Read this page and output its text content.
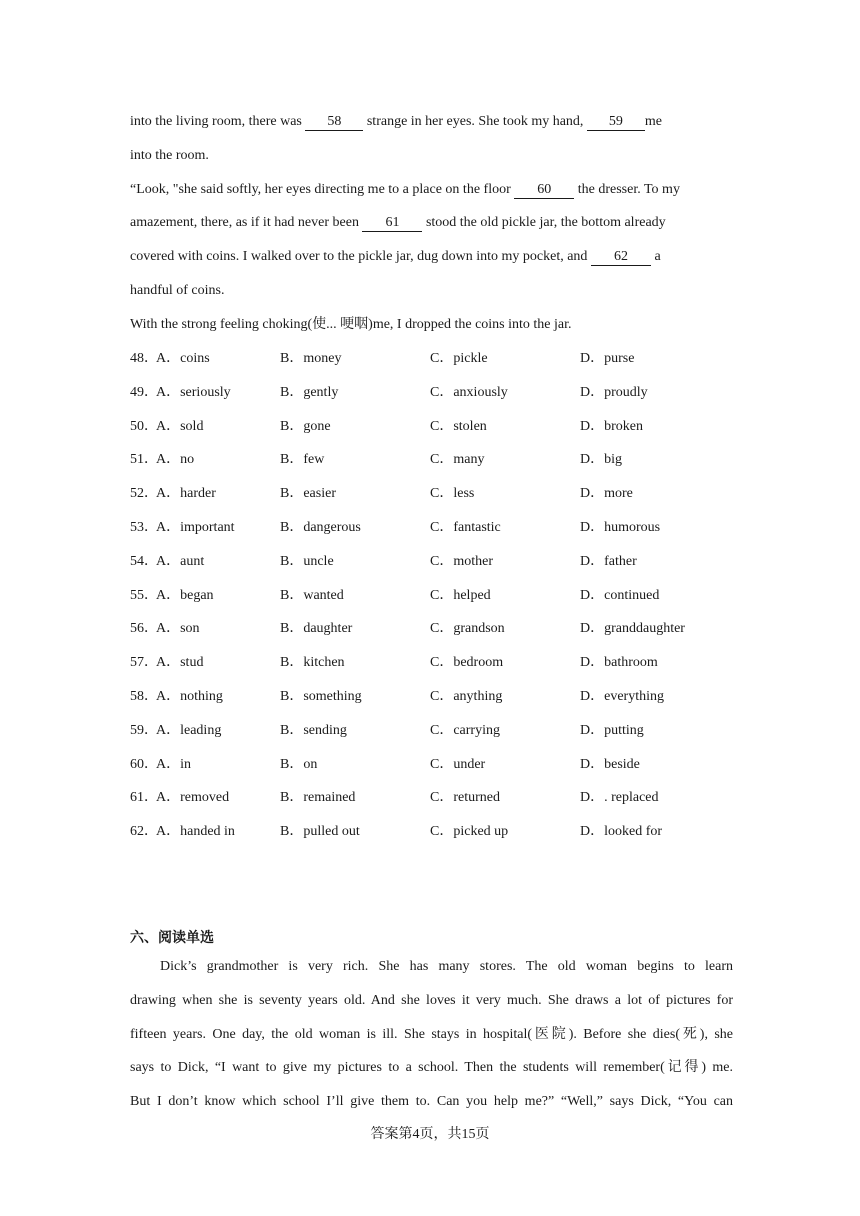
into the living room, there was 58 strange in her eyes. She took my hand, 59 me
into the room.
“Look, "she said softly, her eyes directing me to a place on the floor 60 the dresser. To my
amazement, there, as if it had never been 61 stood the old pickle jar, the bottom already
covered with coins. I walked over to the pickle jar, dug down into my pocket, and 62 a
handful of coins.
With the strong feeling choking(使... 哽咽)me, I dropped the coins into the jar.
48．
A．coins	B．money	C．pickle	D．purse
49．
A．seriously	B．gently	C．anxiously	D．proudly
50．
A．sold	B．gone	C．stolen	D．broken
51．
A．no	B．few	C．many	D．big
52．
A．harder	B．easier	C．less	D．more
53．
A．important	B．dangerous	C．fantastic	D．humorous
54．
A．aunt	B．uncle	C．mother	D．father
55．
A．began	B．wanted	C．helped	D．continued
56．
A．son	B．daughter	C．grandson	D．granddaughter
57．
A．stud	B．kitchen	C．bedroom	D．bathroom
58．
A．nothing	B．something	C．anything	D．everything
59．
A．leading	B．sending	C．carrying	D．putting
60．
A．in	B．on	C．under	D．beside
61．
A．removed	B．remained	C．returned	D．. replaced
62．
A．handed in	B．pulled out	C．picked up	D．looked for
六、阅读单选
Dick’s grandmother is very rich. She has many stores. The old woman begins to learn
drawing when she is seventy years old. And she loves it very much. She draws a lot of pictures for
fifteen years. One day, the old woman is ill. She stays in hospital(医院). Before she dies(死), she
says to Dick, “I want to give my pictures to a school. Then the students will remember(记得) me.
But I don’t know which school I’ll give them to. Can you help me?” “Well,” says Dick, “You can
答案第4页，共15页
